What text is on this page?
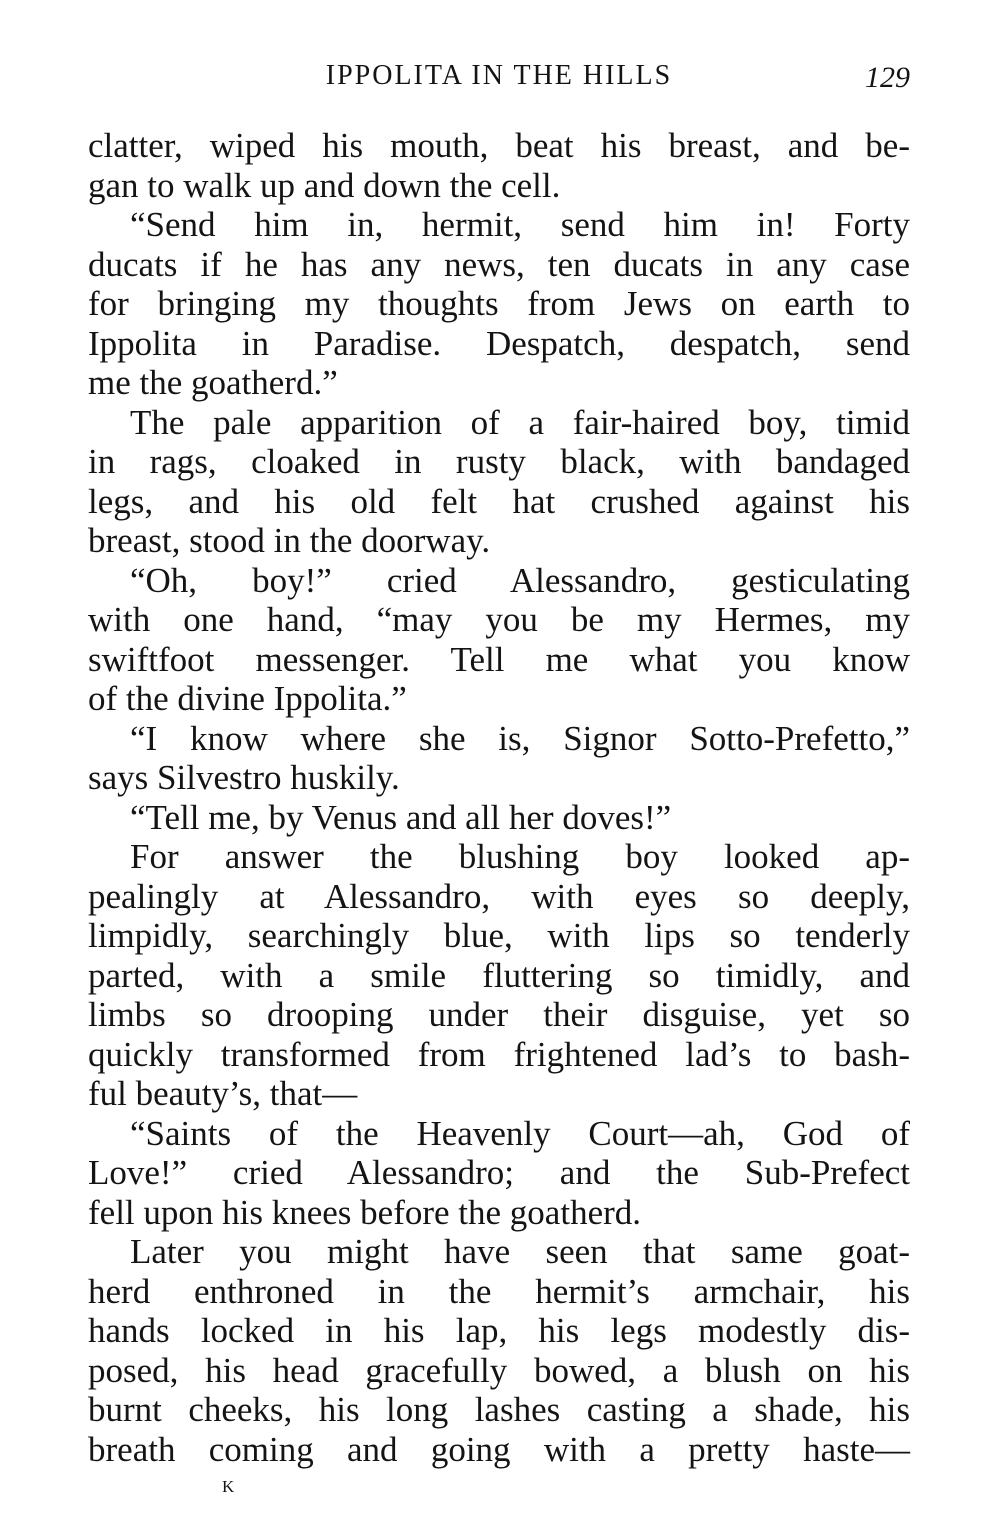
IPPOLITA IN THE HILLS	129
clatter, wiped his mouth, beat his breast, and be-
gan to walk up and down the cell.
“Send him in, hermit, send him in! Forty
ducats if he has any news, ten ducats in any case
for bringing my thoughts from Jews on earth to
Ippolita in Paradise. Despatch, despatch, send
me the goatherd.”
The pale apparition of a fair-haired boy, timid
in rags, cloaked in rusty black, with bandaged
legs, and his old felt hat crushed against his
breast, stood in the doorway.
“Oh, boy!” cried Alessandro, gesticulating
with one hand, “may you be my Hermes, my
swiftfoot messenger. Tell me what you know
of the divine Ippolita.”
“I know where she is, Signor Sotto-Prefetto,”
says Silvestro huskily.
“Tell me, by Venus and all her doves!”
For answer the blushing boy looked ap-
pealingly at Alessandro, with eyes so deeply,
limpidly, searchingly blue, with lips so tenderly
parted, with a smile fluttering so timidly, and
limbs so drooping under their disguise, yet so
quickly transformed from frightened lad’s to bash-
ful beauty’s, that—
“Saints of the Heavenly Court—ah, God of
Love!” cried Alessandro; and the Sub-Prefect
fell upon his knees before the goatherd.
Later you might have seen that same goat-
herd enthroned in the hermit’s armchair, his
hands locked in his lap, his legs modestly dis-
posed, his head gracefully bowed, a blush on his
burnt cheeks, his long lashes casting a shade, his
breath coming and going with a pretty haste—
K
